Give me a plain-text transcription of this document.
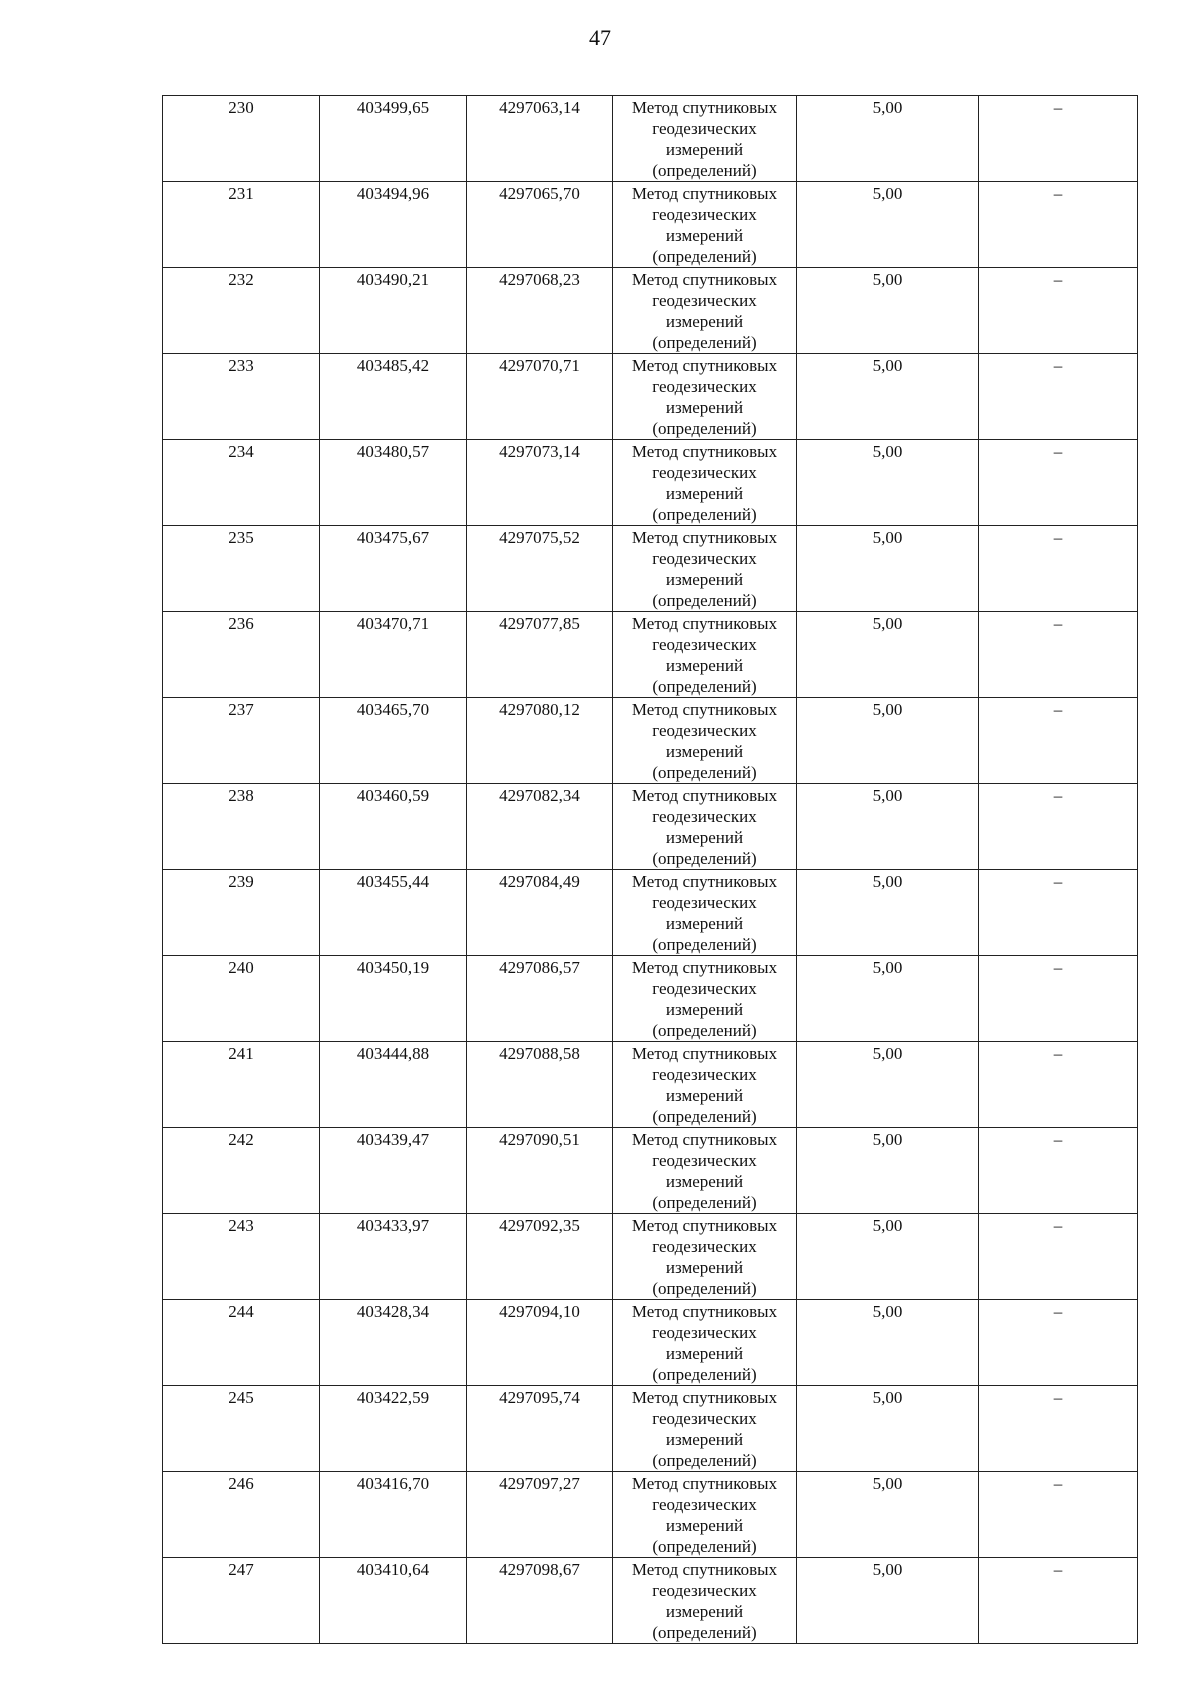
47
230	403499,65	4297063,14	Метод спутниковых
геодезических
измерений
(определений)	5,00	–
231	403494,96	4297065,70	Метод спутниковых
геодезических
измерений
(определений)	5,00	–
232	403490,21	4297068,23	Метод спутниковых
геодезических
измерений
(определений)	5,00	–
233	403485,42	4297070,71	Метод спутниковых
геодезических
измерений
(определений)	5,00	–
234	403480,57	4297073,14	Метод спутниковых
геодезических
измерений
(определений)	5,00	–
235	403475,67	4297075,52	Метод спутниковых
геодезических
измерений
(определений)	5,00	–
236	403470,71	4297077,85	Метод спутниковых
геодезических
измерений
(определений)	5,00	–
237	403465,70	4297080,12	Метод спутниковых
геодезических
измерений
(определений)	5,00	–
238	403460,59	4297082,34	Метод спутниковых
геодезических
измерений
(определений)	5,00	–
239	403455,44	4297084,49	Метод спутниковых
геодезических
измерений
(определений)	5,00	–
240	403450,19	4297086,57	Метод спутниковых
геодезических
измерений
(определений)	5,00	–
241	403444,88	4297088,58	Метод спутниковых
геодезических
измерений
(определений)	5,00	–
242	403439,47	4297090,51	Метод спутниковых
геодезических
измерений
(определений)	5,00	–
243	403433,97	4297092,35	Метод спутниковых
геодезических
измерений
(определений)	5,00	–
244	403428,34	4297094,10	Метод спутниковых
геодезических
измерений
(определений)	5,00	–
245	403422,59	4297095,74	Метод спутниковых
геодезических
измерений
(определений)	5,00	–
246	403416,70	4297097,27	Метод спутниковых
геодезических
измерений
(определений)	5,00	–
247	403410,64	4297098,67	Метод спутниковых
геодезических
измерений
(определений)	5,00	–
